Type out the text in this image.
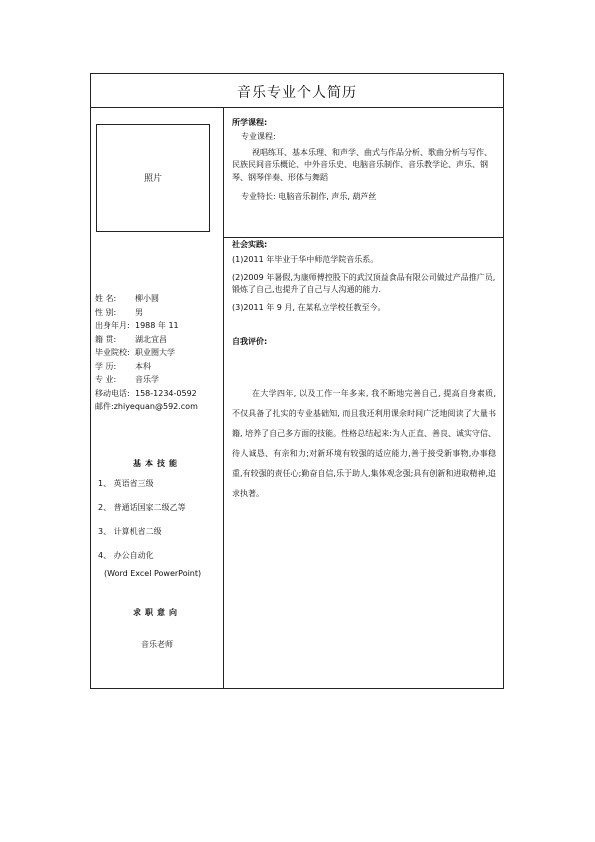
音乐专业个人简历
照片
姓 名: 柳小圆
性 别: 男
出身年月: 1988 年 11
籍 贯: 湖北宜昌
毕业院校: 职业圈大学
学 历: 本科
专 业: 音乐学
移动电话: 158-1234-0592
邮件:zhiyequan@592.com
基本技能
1、 英语省三级
2、 普通话国家二级乙等
3、 计算机省二级
4、 办公自动化
(Word Excel PowerPoint)
求职意向
音乐老师
所学课程:
专业课程:
视唱练耳、基本乐理、和声学、曲式与作品分析、歌曲分析与写作、民族民间音乐概论、中外音乐史、电脑音乐制作、音乐教学论、声乐、钢琴、钢琴伴奏、形体与舞蹈
专业特长: 电脑音乐制作, 声乐, 葫芦丝
社会实践:

(1)2011 年毕业于华中师范学院音乐系。

(2)2009 年暑假,为康师傅控股下的武汉顶益食品有限公司做过产品推广员,锻炼了自己,也提升了自己与人沟通的能力.

(3)2011 年 9 月, 在某私立学校任教至今。

自我评价:
在大学四年, 以及工作一年多来, 我不断地完善自己, 提高自身素质, 不仅具备了扎实的专业基础知, 而且我还利用课余时间广泛地阅读了大量书籍, 培养了自己多方面的技能。性格总结起来:为人正直、善良、诚实守信、待人诚恳、有亲和力;对新环境有较强的适应能力,善于接受新事物,办事稳重,有较强的责任心;勤奋自信,乐于助人,集体观念强;具有创新和进取精神,追求执著。
